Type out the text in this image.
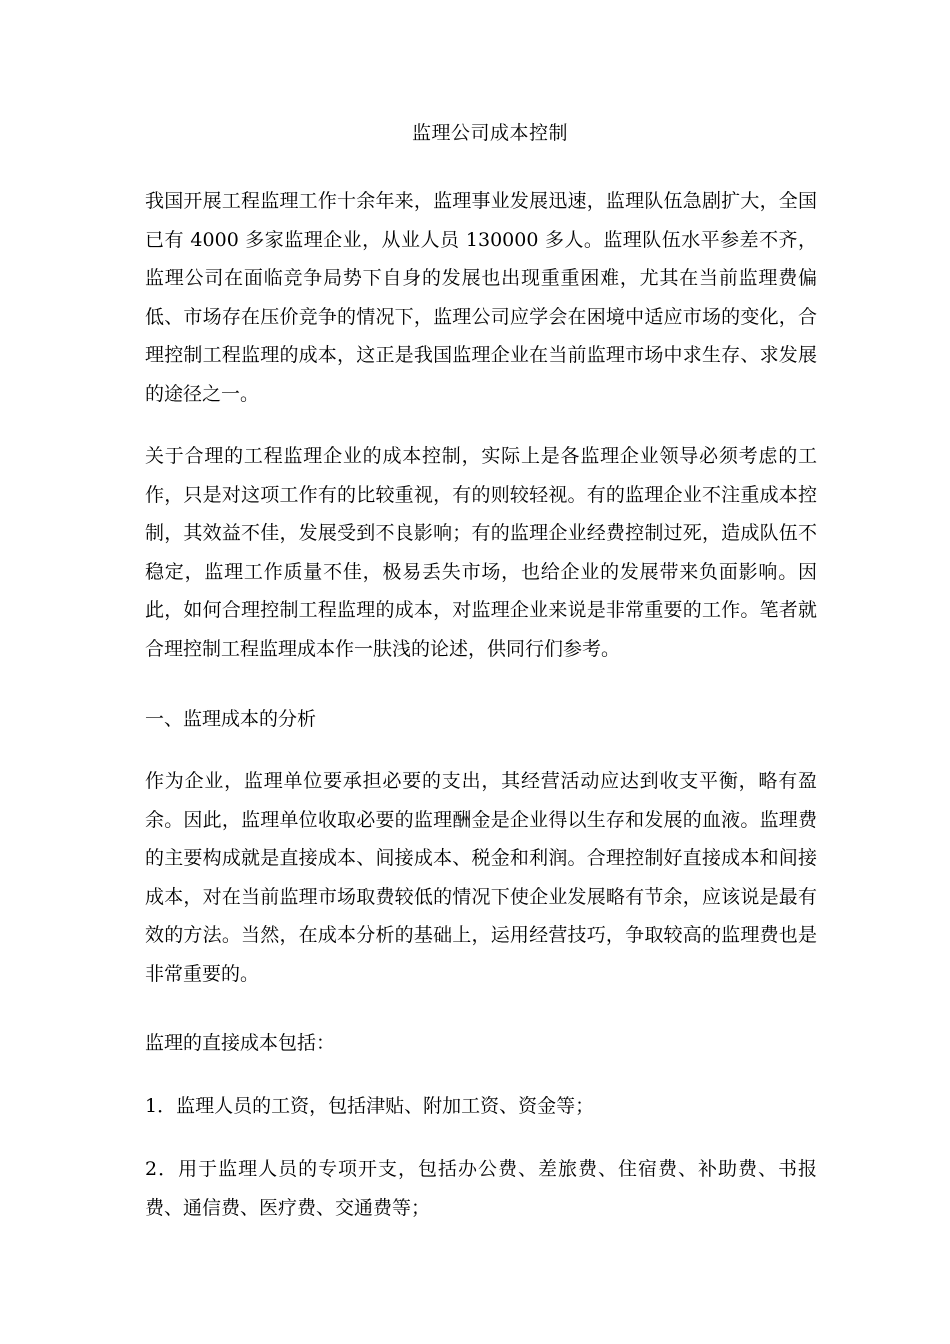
监理公司成本控制

我国开展工程监理工作十余年来，监理事业发展迅速，监理队伍急剧扩大，全国已有 4000 多家监理企业，从业人员 130000 多人。监理队伍水平参差不齐，监理公司在面临竞争局势下自身的发展也出现重重困难，尤其在当前监理费偏低、市场存在压价竞争的情况下，监理公司应学会在困境中适应市场的变化，合理控制工程监理的成本，这正是我国监理企业在当前监理市场中求生存、求发展的途径之一。

关于合理的工程监理企业的成本控制，实际上是各监理企业领导必须考虑的工作，只是对这项工作有的比较重视，有的则较轻视。有的监理企业不注重成本控制，其效益不佳，发展受到不良影响；有的监理企业经费控制过死，造成队伍不稳定，监理工作质量不佳，极易丢失市场，也给企业的发展带来负面影响。因此，如何合理控制工程监理的成本，对监理企业来说是非常重要的工作。笔者就合理控制工程监理成本作一肤浅的论述，供同行们参考。

一、监理成本的分析

作为企业，监理单位要承担必要的支出，其经营活动应达到收支平衡，略有盈余。因此，监理单位收取必要的监理酬金是企业得以生存和发展的血液。监理费的主要构成就是直接成本、间接成本、税金和利润。合理控制好直接成本和间接成本，对在当前监理市场取费较低的情况下使企业发展略有节余，应该说是最有效的方法。当然，在成本分析的基础上，运用经营技巧，争取较高的监理费也是非常重要的。

监理的直接成本包括：

1．监理人员的工资，包括津贴、附加工资、资金等；

2．用于监理人员的专项开支，包括办公费、差旅费、住宿费、补助费、书报费、通信费、医疗费、交通费等；
